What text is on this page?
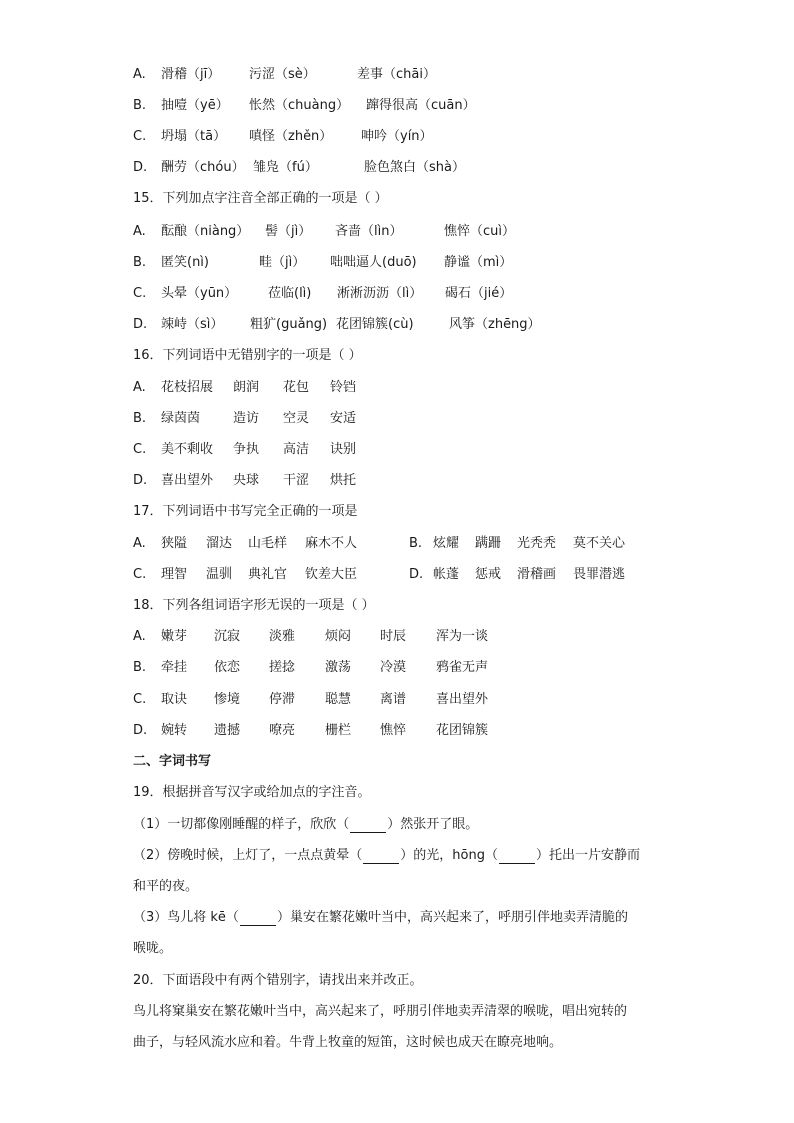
A.	滑稽（jī）	污涩（sè）	差事（chāi）
B.	抽噎（yē）	怅然（chuàng）	蹿得很高（cuān）
C.	坍塌（tā）	嗔怪（zhěn）	呻吟（yín）
D.	酬劳（chóu） 雏凫（fú）	脸色煞白（shà）
15．下列加点字注音全部正确的一项是（ ）
A.	酝酿（niàng）	髻（jì）	吝啬（lìn）	憔悴（cuì）
B.	匿笑(nì)	畦（jì）	咄咄逼人(duō)	静谧（mì）
C.	头晕（yūn）	莅临(lì)	淅淅沥沥（lì）	碣石（jié）
D.	竦峙（sì）	粗犷(guǎng) 花团锦簇(cù)	风筝（zhēng）
16．下列词语中无错别字的一项是（ ）
A.	花枝招展	朗润	花包	铃铛
B.	绿茵茵	造访	空灵	安适
C.	美不剩收	争执	高洁	诀别
D.	喜出望外	央球	干涩	烘托
17．下列词语中书写完全正确的一项是
A.	狭隘	溜达	山毛样	麻木不人	B. 炫耀	蹒跚	光秃秃	莫不关心
C.	理智	温驯	典礼官	钦差大臣	D. 帐蓬	惩戒	滑稽画	畏罪潜逃
18．下列各组词语字形无误的一项是（ ）
A.	嫩芽	沉寂	淡雅	烦闷	时辰	浑为一谈
B.	牵挂	依恋	搓捻	激荡	冷漠	鸦雀无声
C.	取诀	惨境	停滞	聪慧	离谱	喜出望外
D.	婉转	遗撼	嘹亮	栅栏	憔悴	花团锦簇
二、字词书写
19．根据拼音写汉字或给加点的字注音。
（1）一切都像刚睡醒的样子，欣欣（	）然张开了眼。
（2）傍晚时候，上灯了，一点点黄晕（	）的光，hōng（	）托出一片安静而
和平的夜。
（3）鸟儿将 kē（	）巢安在繁花嫩叶当中，高兴起来了，呼朋引伴地卖弄清脆的
喉咙。
20．下面语段中有两个错别字，请找出来并改正。
鸟儿将窠巢安在繁花嫩叶当中，高兴起来了，呼朋引伴地卖弄清翠的喉咙，唱出宛转的
曲子，与轻风流水应和着。牛背上牧童的短笛，这时候也成天在瞭亮地响。
